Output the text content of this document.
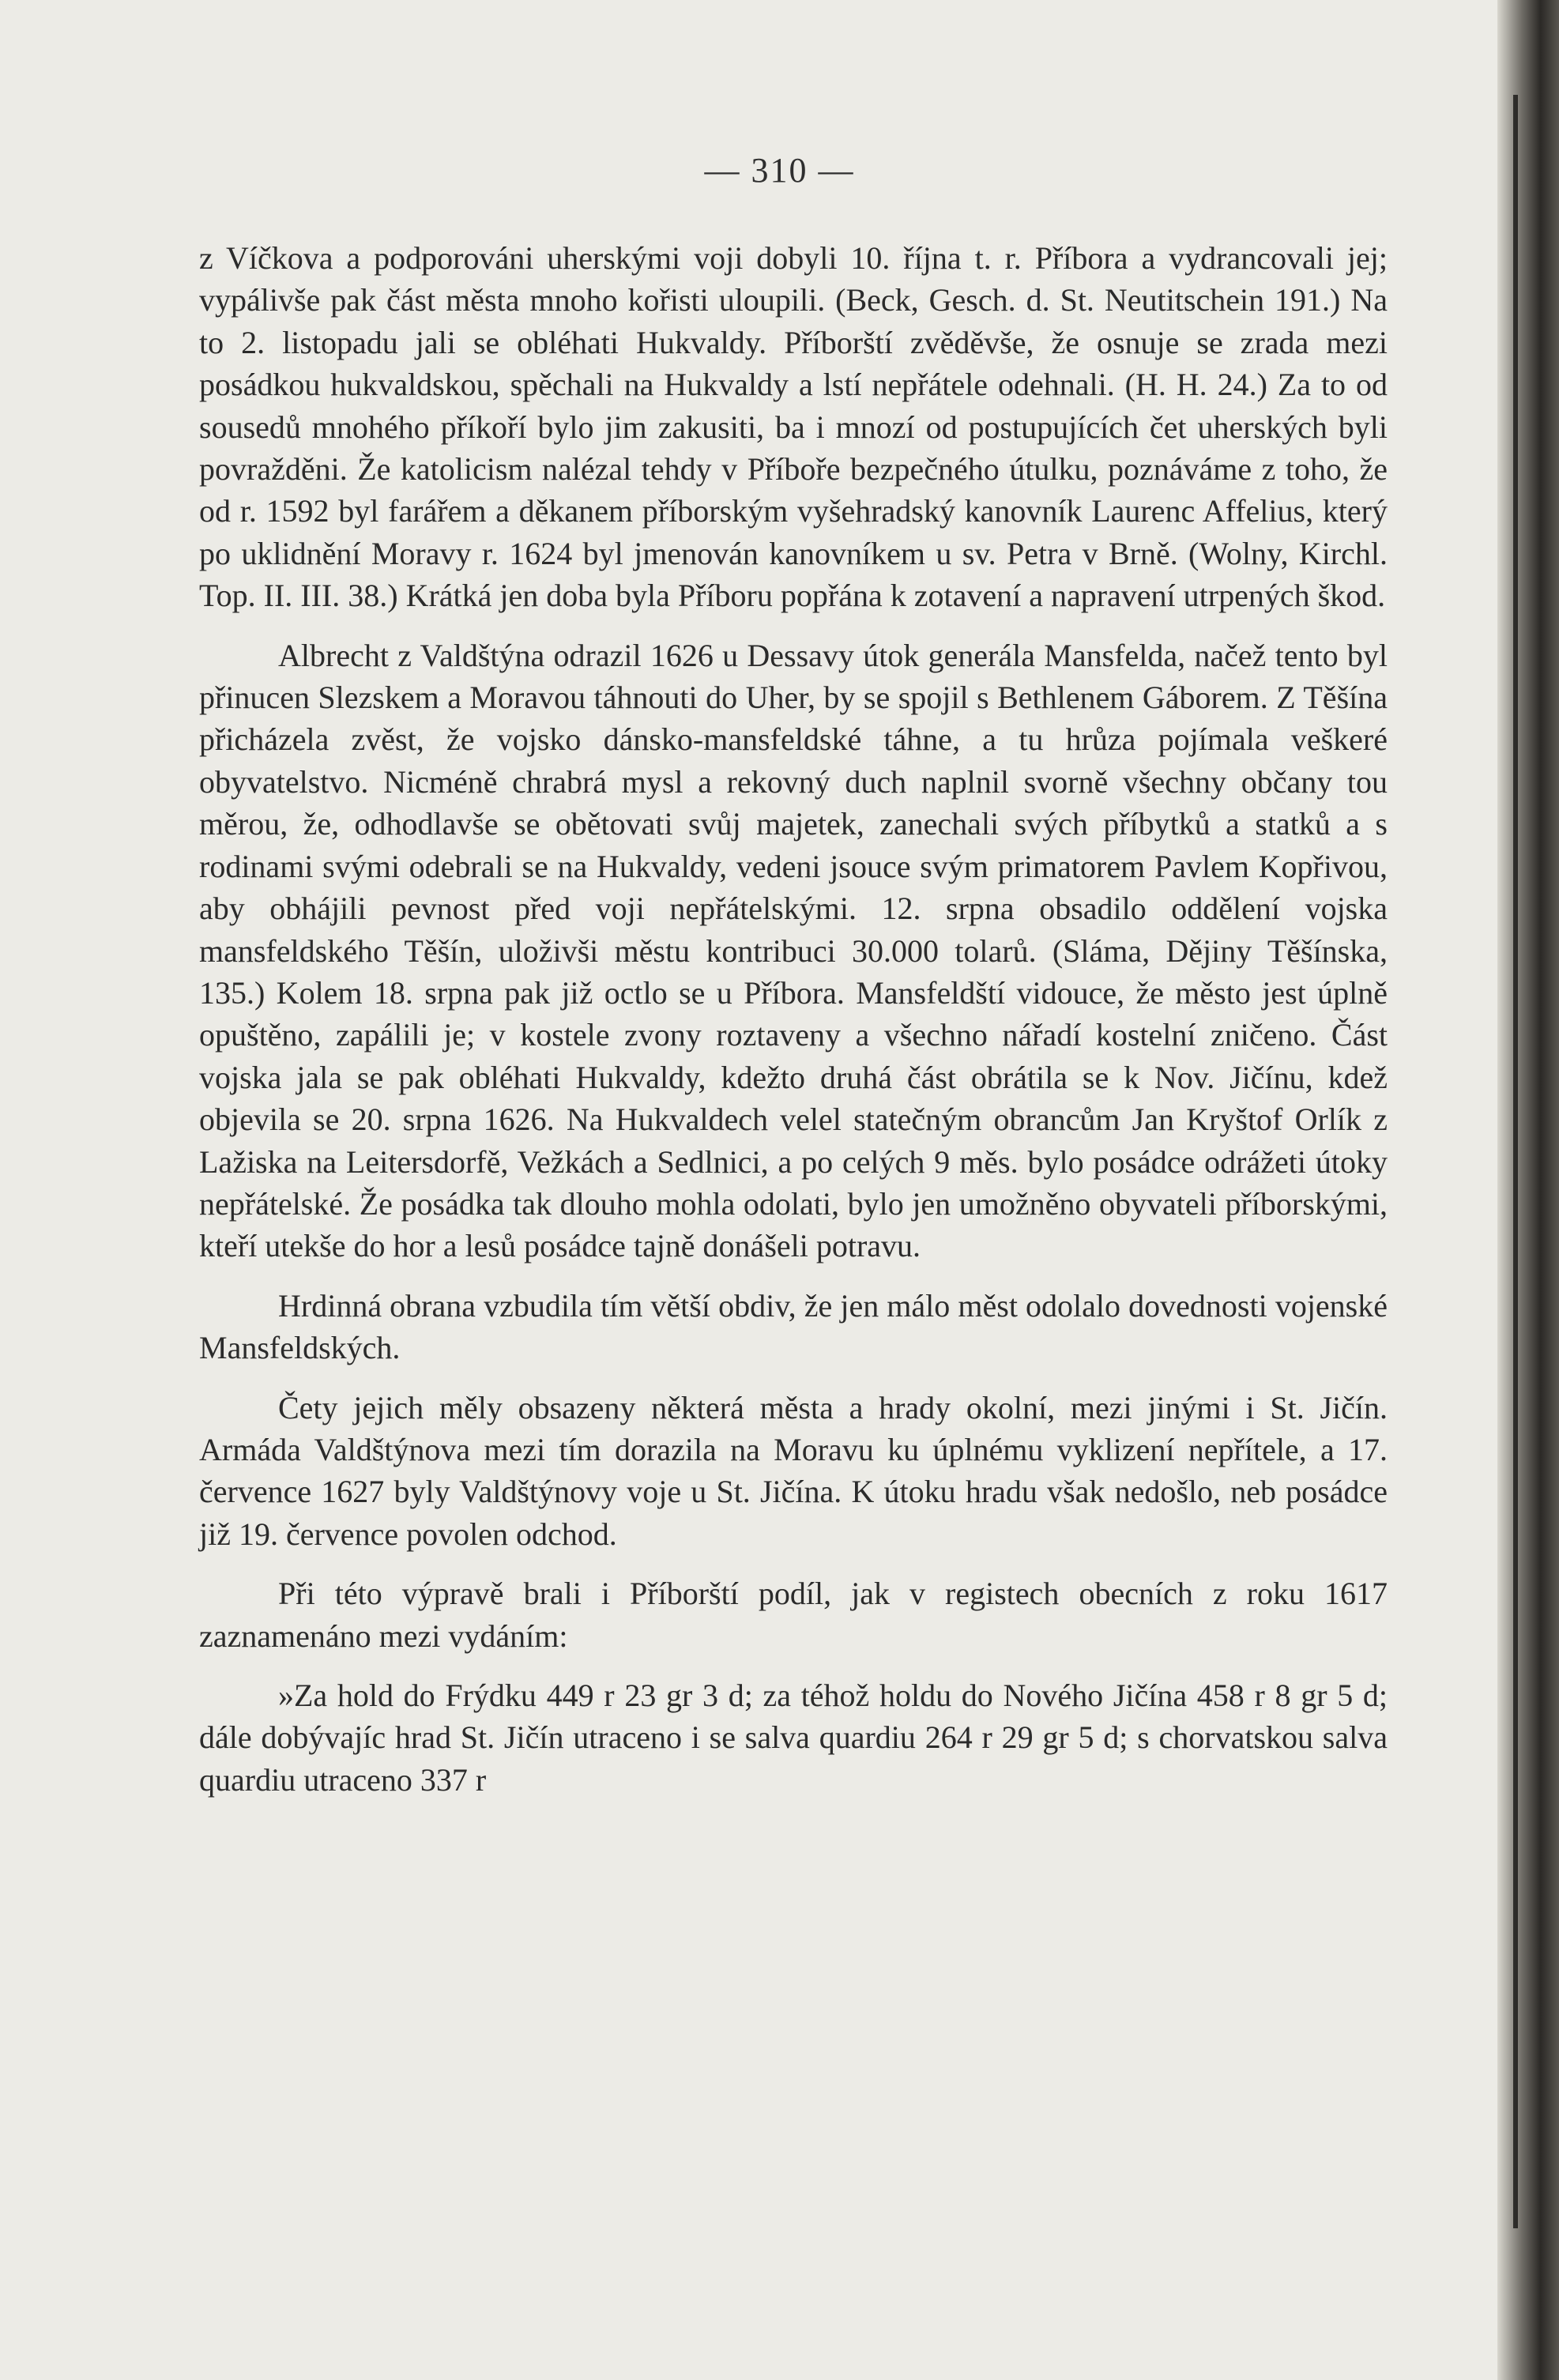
— 310 —

z Víčkova a podporováni uherskými voji dobyli 10. října t. r. Příbora a vydrancovali jej; vypálivše pak část města mnoho kořisti uloupili. (Beck, Gesch. d. St. Neutitschein 191.) Na to 2. listopadu jali se obléhati Hukvaldy. Příborští zvěděvše, že osnuje se zrada mezi posádkou hukvaldskou, spěchali na Hukvaldy a lstí nepřátele odehnali. (H. H. 24.) Za to od sousedů mnohého příkoří bylo jim zakusiti, ba i mnozí od postupujících čet uherských byli povražděni. Že katolicism nalézal tehdy v Příboře bezpečného útulku, poznáváme z toho, že od r. 1592 byl farářem a děkanem příborským vyšehradský kanovník Laurenc Affelius, který po uklidnění Moravy r. 1624 byl jmenován kanovníkem u sv. Petra v Brně. (Wolny, Kirchl. Top. II. III. 38.) Krátká jen doba byla Příboru popřána k zotavení a napravení utrpených škod.

Albrecht z Valdštýna odrazil 1626 u Dessavy útok generála Mansfelda, načež tento byl přinucen Slezskem a Moravou táhnouti do Uher, by se spojil s Bethlenem Gáborem. Z Těšína přicházela zvěst, že vojsko dánsko-mansfeldské táhne, a tu hrůza pojímala veškeré obyvatelstvo. Nicméně chrabrá mysl a rekovný duch naplnil svorně všechny občany tou měrou, že, odhodlavše se obětovati svůj majetek, zanechali svých příbytků a statků a s rodinami svými odebrali se na Hukvaldy, vedeni jsouce svým primatorem Pavlem Kopřivou, aby obhájili pevnost před voji nepřátelskými. 12. srpna obsadilo oddělení vojska mansfeldského Těšín, uloživši městu kontribuci 30.000 tolarů. (Sláma, Dějiny Těšínska, 135.) Kolem 18. srpna pak již octlo se u Příbora. Mansfeldští vidouce, že město jest úplně opuštěno, zapálili je; v kostele zvony roztaveny a všechno nářadí kostelní zničeno. Část vojska jala se pak obléhati Hukvaldy, kdežto druhá část obrátila se k Nov. Jičínu, kdež objevila se 20. srpna 1626. Na Hukvaldech velel statečným obrancům Jan Kryštof Orlík z Lažiska na Leitersdorfě, Vežkách a Sedlnici, a po celých 9 měs. bylo posádce odrážeti útoky nepřátelské. Že posádka tak dlouho mohla odolati, bylo jen umožněno obyvateli příborskými, kteří utekše do hor a lesů posádce tajně donášeli potravu.

Hrdinná obrana vzbudila tím větší obdiv, že jen málo měst odolalo dovednosti vojenské Mansfeldských.

Čety jejich měly obsazeny některá města a hrady okolní, mezi jinými i St. Jičín. Armáda Valdštýnova mezi tím dorazila na Moravu ku úplnému vyklizení nepřítele, a 17. července 1627 byly Valdštýnovy voje u St. Jičína. K útoku hradu však nedošlo, neb posádce již 19. července povolen odchod.

Při této výpravě brali i Příborští podíl, jak v registech obecních z roku 1617 zaznamenáno mezi vydáním:

»Za hold do Frýdku 449 r 23 gr 3 d; za téhož holdu do Nového Jičína 458 r 8 gr 5 d; dále dobývajíc hrad St. Jičín utraceno i se salva quardiu 264 r 29 gr 5 d; s chorvatskou salva quardiu utraceno 337 r
